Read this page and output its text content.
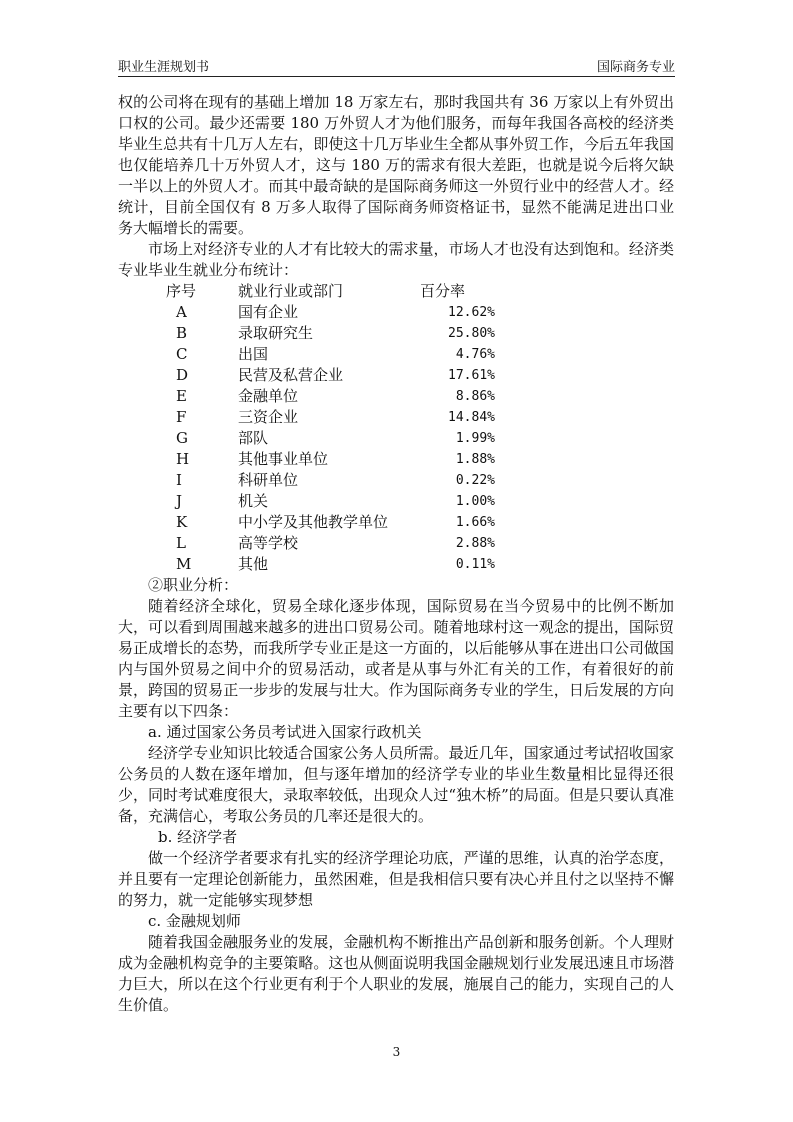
职业生涯规划书	国际商务专业

权的公司将在现有的基础上增加 18 万家左右，那时我国共有 36 万家以上有外贸出口权的公司。最少还需要 180 万外贸人才为他们服务，而每年我国各高校的经济类毕业生总共有十几万人左右，即使这十几万毕业生全都从事外贸工作，今后五年我国也仅能培养几十万外贸人才，这与 180 万的需求有很大差距，也就是说今后将欠缺一半以上的外贸人才。而其中最奇缺的是国际商务师这一外贸行业中的经营人才。经统计，目前全国仅有 8 万多人取得了国际商务师资格证书，显然不能满足进出口业务大幅增长的需要。

市场上对经济专业的人才有比较大的需求量，市场人才也没有达到饱和。经济类专业毕业生就业分布统计：

序号	就业行业或部门	百分率
A	国有企业	12.62%
B	录取研究生	25.80%
C	出国	4.76%
D	民营及私营企业	17.61%
E	金融单位	8.86%
F	三资企业	14.84%
G	部队	1.99%
H	其他事业单位	1.88%
I	科研单位	0.22%
J	机关	1.00%
K	中小学及其他教学单位	1.66%
L	高等学校	2.88%
M	其他	0.11%

②职业分析：

随着经济全球化，贸易全球化逐步体现，国际贸易在当今贸易中的比例不断加大，可以看到周围越来越多的进出口贸易公司。随着地球村这一观念的提出，国际贸易正成增长的态势，而我所学专业正是这一方面的，以后能够从事在进出口公司做国内与国外贸易之间中介的贸易活动，或者是从事与外汇有关的工作，有着很好的前景，跨国的贸易正一步步的发展与壮大。作为国际商务专业的学生，日后发展的方向主要有以下四条：

a. 通过国家公务员考试进入国家行政机关

经济学专业知识比较适合国家公务人员所需。最近几年，国家通过考试招收国家公务员的人数在逐年增加，但与逐年增加的经济学专业的毕业生数量相比显得还很少，同时考试难度很大，录取率较低，出现众人过“独木桥”的局面。但是只要认真准备，充满信心，考取公务员的几率还是很大的。

b. 经济学者

做一个经济学者要求有扎实的经济学理论功底，严谨的思维，认真的治学态度，并且要有一定理论创新能力，虽然困难，但是我相信只要有决心并且付之以坚持不懈的努力，就一定能够实现梦想

c. 金融规划师

随着我国金融服务业的发展，金融机构不断推出产品创新和服务创新。个人理财成为金融机构竞争的主要策略。这也从侧面说明我国金融规划行业发展迅速且市场潜力巨大，所以在这个行业更有利于个人职业的发展，施展自己的能力，实现自己的人生价值。

3
